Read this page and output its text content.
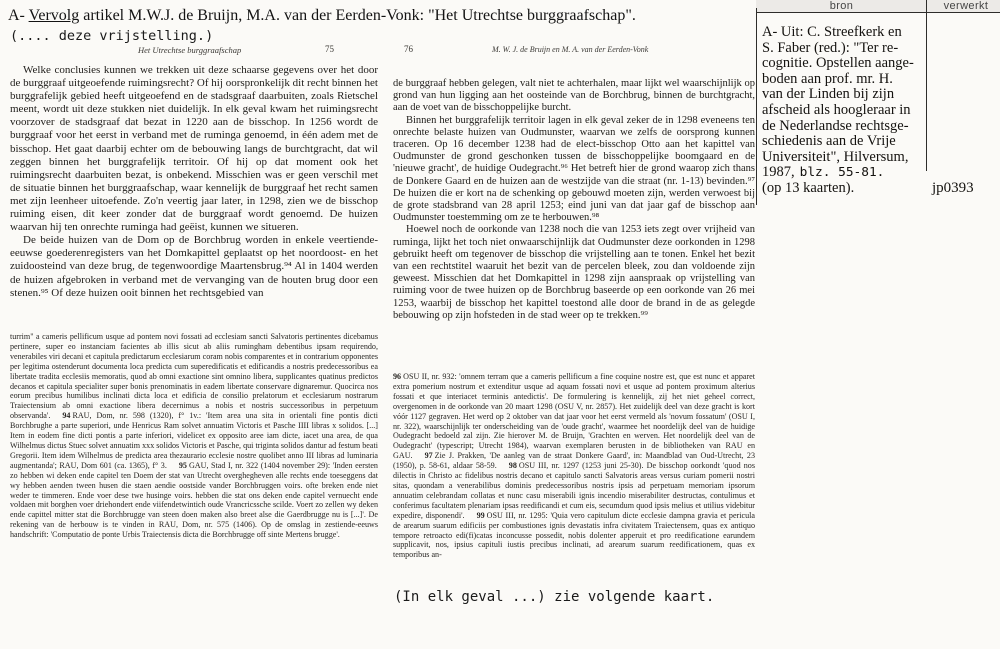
A- Vervolg artikel M.W.J. de Bruijn, M.A. van der Eerden-Vonk: "Het Utrechtse burggraafschap".
(.... deze vrijstelling.)
Het Utrechtse burggraafschap	75	76	M. W. J. de Bruijn en M. A. van der Eerden-Vonk

Welke conclusies kunnen we trekken uit deze schaarse gegevens over het door de burggraaf uitgeoefende ruimingsrecht? Of hij oorspronkelijk dit recht binnen het burggrafelijk gebied heeft uitgeoefend en de stadsgraaf daarbuiten, zoals Rietschel meent, wordt uit deze stukken niet duidelijk. In elk geval kwam het ruimingsrecht voorzover de stadsgraaf dat bezat in 1220 aan de bisschop. In 1256 wordt de burggraaf voor het eerst in verband met de ruminga genoemd, in één adem met de bisschop. Het gaat daarbij echter om de bebouwing langs de burchtgracht, dat wil zeggen binnen het burggrafelijk territoir. Of hij op dat moment ook het ruimingsrecht daarbuiten bezat, is onbekend. Misschien was er geen verschil met de situatie binnen het burggraafschap, waar kennelijk de burggraaf het recht samen met zijn leenheer uitoefende. Zo'n veertig jaar later, in 1298, zien we de bisschop ruiming eisen, dit keer zonder dat de burggraaf wordt genoemd. De huizen waarvan hij ten onrechte ruminga had geëist, kunnen we situeren.

De beide huizen van de Dom op de Borchbrug worden in enkele veertiende-eeuwse goederenregisters van het Domkapittel geplaatst op het noordoost- en het zuidoosteind van deze brug, de tegenwoordige Maartensbrug.⁹⁴ Al in 1404 werden de huizen afgebroken in verband met de vervanging van de houten brug door een stenen.⁹⁵ Of deze huizen ooit binnen het rechtsgebied van

turrim" a cameris pellificum usque ad pontem novi fossati ad ecclesiam sancti Salvatoris pertinentes dicebamus pertinere, super eo instanciam facientes ab illis sicut ab aliis rumingham debentibus ipsam requirendo, venerabiles viri decani et capitula predictarum ecclesiarum coram nobis comparentes et in contrarium opponentes per legitima ostenderunt documenta loca predicta cum superedificatis et edificandis a nostris predecessoribus ea libertate tradita ecclesiis memoratis, quod ab omni exactione sint omnino libera, supplicantes quatinus predictos decanos et capitula specialiter super bonis prenominatis in eadem libertate conservare dignaremur. Quocirca nos eorum precibus humilibus inclinati dicta loca et edificia de consilio prelatorum et ecclesiarum nostrarum Traiectensium ab omni exactione libera decernimus a nobis et nostris successoribus in perpetuum observanda'. 94 RAU, Dom, nr. 598 (1320), f° 1v.: 'Item area una sita in orientali fine pontis dicti Borchbrughe a parte superiori, unde Henricus Ram solvet annuatim Victoris et Pasche IIII libras x solidos. [...] Item in eodem fine dicti pontis a parte inferiori, videlicet ex opposito aree iam dicte, iacet una area, de qua Wilhelmus dictus Stuec solvet annuatim xxx solidos Victoris et Pasche, qui triginta solidos dantur ad festum beati Gregorii. Item idem Wilhelmus de predicta area thezaurario ecclesie nostre quolibet anno III libras ad luminaria augmentanda'; RAU, Dom 601 (ca. 1365), f° 3. 95 GAU, Stad I, nr. 322 (1404 november 29): 'Inden eersten zo hebben wi deken ende capitel ten Doem der stat van Utrecht overghegheven alle rechts ende toeseggens dat wy hebben aenden tween husen die staen aendie oostside vander Borchbruggen voirs. ofte breken ende niet weder te timmeren. Ende voer dese twe husinge voirs. hebben die stat ons deken ende capitel vernuecht ende voldaen mit borghen voer driehondert ende viifendetwintich oude Vrancricssche scilde. Voert zo zellen wy deken ende capittel mitter stat die Borchbrugge van steen doen maken also breet alse die Gaerdbrugge nu is [...]'. De rekening van de herbouw is te vinden in RAU, Dom, nr. 575 (1406). Op de omslag in zestiende-eeuws handschrift: 'Computatio de ponte Urbis Traiectensis dicta die Borchbrugge off sinte Mertens brugge'.

de burggraaf hebben gelegen, valt niet te achterhalen, maar lijkt wel waarschijnlijk op grond van hun ligging aan het oosteinde van de Borchbrug, binnen de burchtgracht, aan de voet van de bisschoppelijke burcht.

Binnen het burggrafelijk territoir lagen in elk geval zeker de in 1298 eveneens ten onrechte belaste huizen van Oudmunster, waarvan we zelfs de oorsprong kunnen traceren. Op 16 december 1238 had de elect-bisschop Otto aan het kapittel van Oudmunster de grond geschonken tussen de bisschoppelijke boomgaard en de 'nieuwe gracht', de huidige Oudegracht.⁹⁶ Het betreft hier de grond waarop zich thans de Donkere Gaard en de huizen aan de westzijde van die straat (nr. 1-13) bevinden.⁹⁷ De huizen die er kort na de schenking op gebouwd moeten zijn, werden verwoest bij de grote stadsbrand van 28 april 1253; eind juni van dat jaar gaf de bisschop aan Oudmunster toestemming om ze te herbouwen.⁹⁸

Hoewel noch de oorkonde van 1238 noch die van 1253 iets zegt over vrijheid van ruminga, lijkt het toch niet onwaarschijnlijk dat Oudmunster deze oorkonden in 1298 gebruikt heeft om tegenover de bisschop die vrijstelling aan te tonen. Enkel het bezit van een rechtstitel waaruit het bezit van de percelen bleek, zou dan voldoende zijn geweest. Misschien dat het Domkapittel in 1298 zijn aanspraak op vrijstelling van ruiming voor de twee huizen op de Borchbrug baseerde op een oorkonde van 26 mei 1253, waarbij de bisschop het kapittel toestond alle door de brand in de as gelegde bebouwing op zijn hofsteden in de stad weer op te trekken.⁹⁹

96 OSU II, nr. 932: 'omnem terram que a cameris pellificum a fine coquine nostre est, que est nunc et apparet extra pomerium nostrum et extenditur usque ad aquam fossati novi et usque ad pontem proximum alterius fossati et que interiacet terminis antedictis'. De formulering is kennelijk, zij het niet geheel correct, overgenomen in de oorkonde van 20 maart 1298 (OSU V, nr. 2857). Het zuidelijk deel van deze gracht is kort vóór 1127 gegraven. Het werd op 2 oktober van dat jaar voor het eerst vermeld als 'novum fossatum' (OSU I, nr. 322), waarschijnlijk ter onderscheiding van de 'oude gracht', waarmee het noordelijk deel van de huidige Oudegracht bedoeld zal zijn. Zie hierover M. de Bruijn, 'Grachten en werven. Het noordelijk deel van de Oudegracht' (typescript; Utrecht 1984), waarvan exemplaren berusten in de bibliotheken van RAU en GAU. 97 Zie J. Prakken, 'De aanleg van de straat Donkere Gaard', in: Maandblad van Oud-Utrecht, 23 (1950), p. 58-61, aldaar 58-59. 98 OSU III, nr. 1297 (1253 juni 25-30). De bisschop oorkondt 'quod nos dilectis in Christo ac fidelibus nostris decano et capitulo sancti Salvatoris areas versus curiam pomerii nostri sitas, quondam a venerabilibus dominis predecessoribus nostris ipsis ad perpetuam memoriam ipsorum annuatim celebrandam collatas et nunc casu miserabili ignis incendio miserabiliter destructas, contulimus et conferimus facultatem plenariam ipsas reedificandi et cum eis, secumdum quod ipsis melius et utilius videbitur expedire, disponendi'. 99 OSU III, nr. 1295: 'Quia vero capitulum dicte ecclesie dampna gravia et pericula de arearum suarum edificiis per combustiones ignis devastatis infra civitatem Traiectensem, quas ex antiquo tempore retroacto edi(fi)catas inconcusse possedit, nobis dolenter apperuit et pro reedificatione earundem supplicavit, nos, ipsius capituli iustis precibus inclinati, ad arearum suarum reedificationem, quas ex temporibus an-
(In elk geval ...) zie volgende kaart.
bron	verwerkt
A- Uit: C. Streefkerk en
S. Faber (red.): "Ter re-
cognitie. Opstellen aange-
boden aan prof. mr. H.
van der Linden bij zijn
afscheid als hoogleraar in
de Nederlandse rechtsge-
schiedenis aan de Vrije
Universiteit", Hilversum,
1987, blz. 55-81.
(op 13 kaarten).	jp0393
